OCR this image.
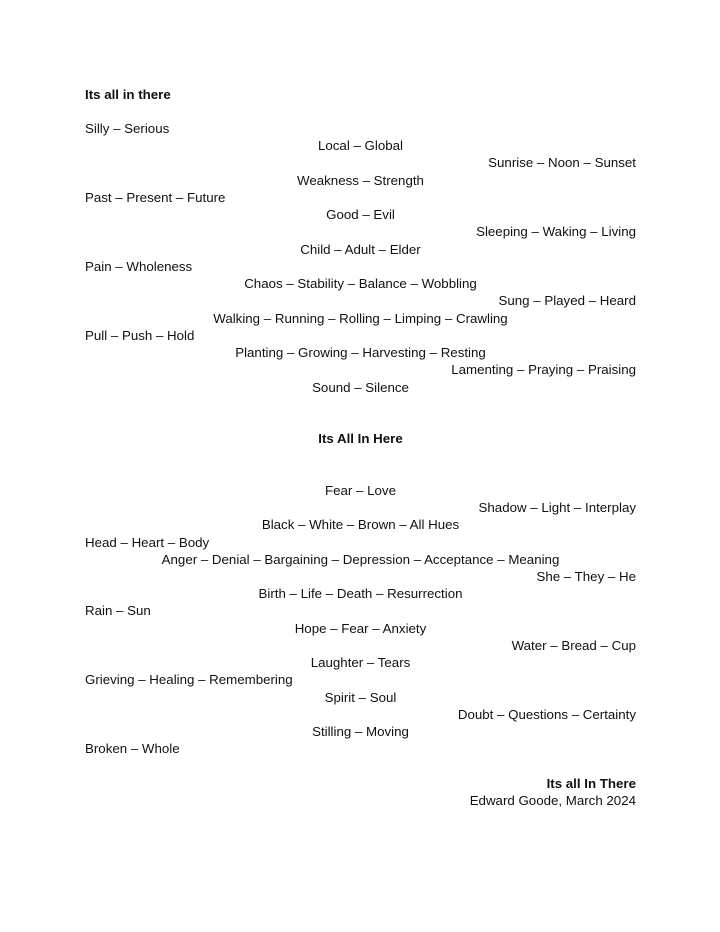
Its all in there
Silly – Serious
Local – Global
Sunrise – Noon – Sunset
Weakness – Strength
Past – Present – Future
Good – Evil
Sleeping – Waking – Living
Child – Adult – Elder
Pain – Wholeness
Chaos – Stability – Balance – Wobbling
Sung – Played – Heard
Walking – Running – Rolling – Limping – Crawling
Pull – Push – Hold
Planting – Growing – Harvesting – Resting
Lamenting – Praying – Praising
Sound – Silence
Its All In Here
Fear – Love
Shadow – Light – Interplay
Black – White – Brown – All Hues
Head – Heart – Body
Anger – Denial – Bargaining – Depression – Acceptance – Meaning
She – They – He
Birth – Life – Death – Resurrection
Rain – Sun
Hope – Fear – Anxiety
Water – Bread – Cup
Laughter – Tears
Grieving – Healing – Remembering
Spirit – Soul
Doubt – Questions – Certainty
Stilling – Moving
Broken – Whole
Its all In There
Edward Goode, March 2024
